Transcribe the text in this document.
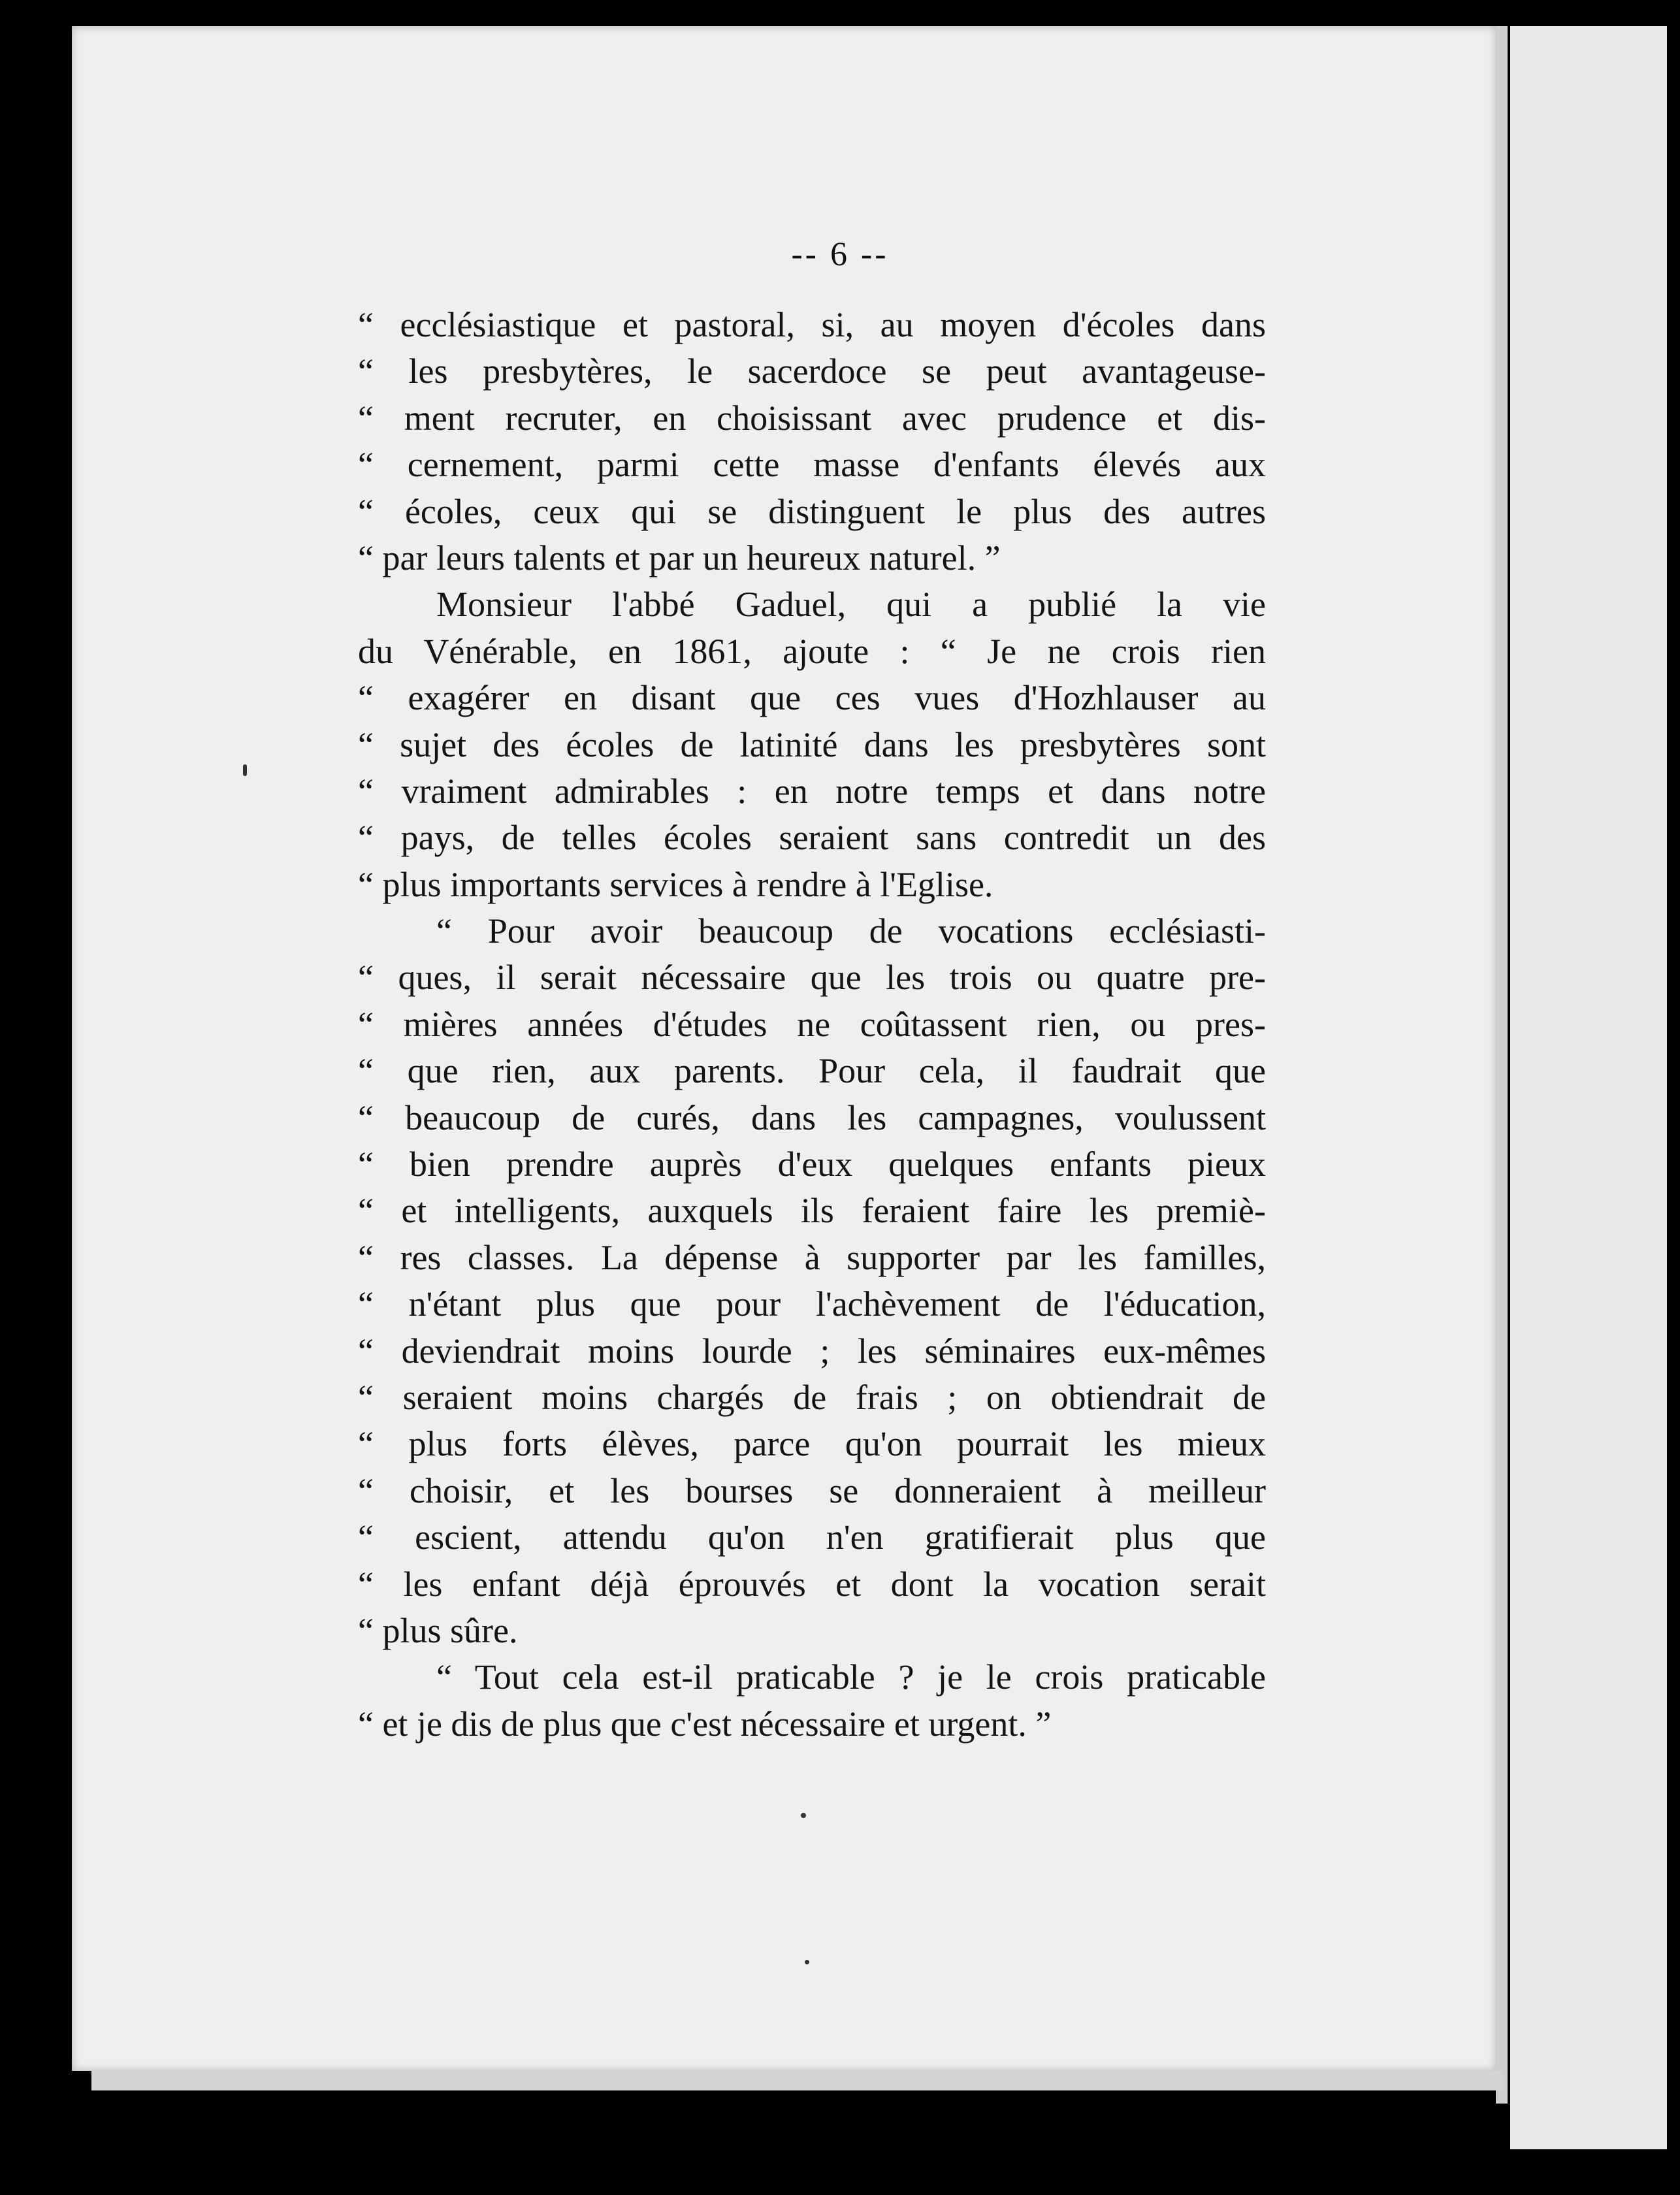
-- 6 --
“ ecclésiastique et pastoral, si, au moyen d'écoles dans
“ les presbytères, le sacerdoce se peut avantageuse-
“ ment recruter, en choisissant avec prudence et dis-
“ cernement, parmi cette masse d'enfants élevés aux
“ écoles, ceux qui se distinguent le plus des autres
“ par leurs talents et par un heureux naturel. ”
Monsieur l'abbé Gaduel, qui a publié la vie
du Vénérable, en 1861, ajoute : “ Je ne crois rien
“ exagérer en disant que ces vues d'Hozhlauser au
“ sujet des écoles de latinité dans les presbytères sont
“ vraiment admirables : en notre temps et dans notre
“ pays, de telles écoles seraient sans contredit un des
“ plus importants services à rendre à l'Eglise.
“ Pour avoir beaucoup de vocations ecclésiasti-
“ ques, il serait nécessaire que les trois ou quatre pre-
“ mières années d'études ne coûtassent rien, ou pres-
“ que rien, aux parents. Pour cela, il faudrait que
“ beaucoup de curés, dans les campagnes, voulussent
“ bien prendre auprès d'eux quelques enfants pieux
“ et intelligents, auxquels ils feraient faire les premiè-
“ res classes. La dépense à supporter par les familles,
“ n'étant plus que pour l'achèvement de l'éducation,
“ deviendrait moins lourde ; les séminaires eux-mêmes
“ seraient moins chargés de frais ; on obtiendrait de
“ plus forts élèves, parce qu'on pourrait les mieux
“ choisir, et les bourses se donneraient à meilleur
“ escient, attendu qu'on n'en gratifierait plus que
“ les enfant déjà éprouvés et dont la vocation serait
“ plus sûre.
“ Tout cela est-il praticable ? je le crois praticable
“ et je dis de plus que c'est nécessaire et urgent. ”
